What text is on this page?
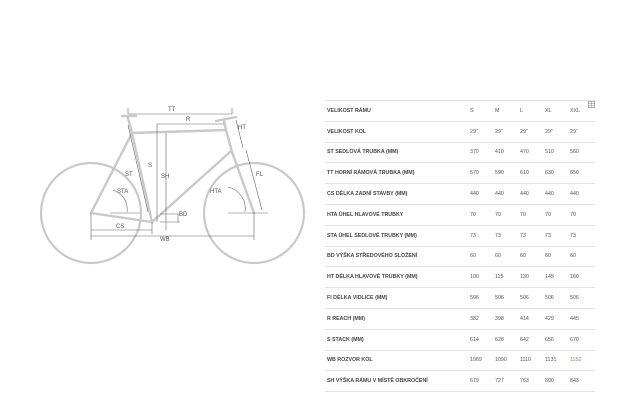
TT
R
HT
ST
S
SH	FL
STA	HTA
BD
CS
WB
VELIKOST RÁMU	S	M	L	XL	XXL
VELIKOST KOL	29"	29"	29"	29"	29"
ST SEDLOVÁ TRUBKA (MM)	370	410	470	510	560
TT HORNÍ RÁMOVÁ TRUBKA (MM)	570	590	610	630	650
CS DÉLKA ZADNÍ STAVBY (MM)	440	440	440	440	440
HTA ÚHEL HLAVOVÉ TRUBKY	70	70	70	70	70
STA ÚHEL SEDLOVÉ TRUBKY (MM)	73	73	73	73	73
BD VÝŠKA STŘEDOVÉHO SLOŽENÍ	60	60	60	60	60
HT DÉLKA HLAVOVÉ TRUBKY (MM)	100	115	130	145	160
FI DÉLKA VIDLICE (MM)	506	506	506	506	506
R REACH (MM)	382	398	414	429	445
S STACK (MM)	614	628	642	656	670
WB ROZVOR KOL	1069	1090	1110	1131	1152
SH VÝŠKA RÁMU V MÍSTĚ OBKROČENÍ	679	727	763	800	843
